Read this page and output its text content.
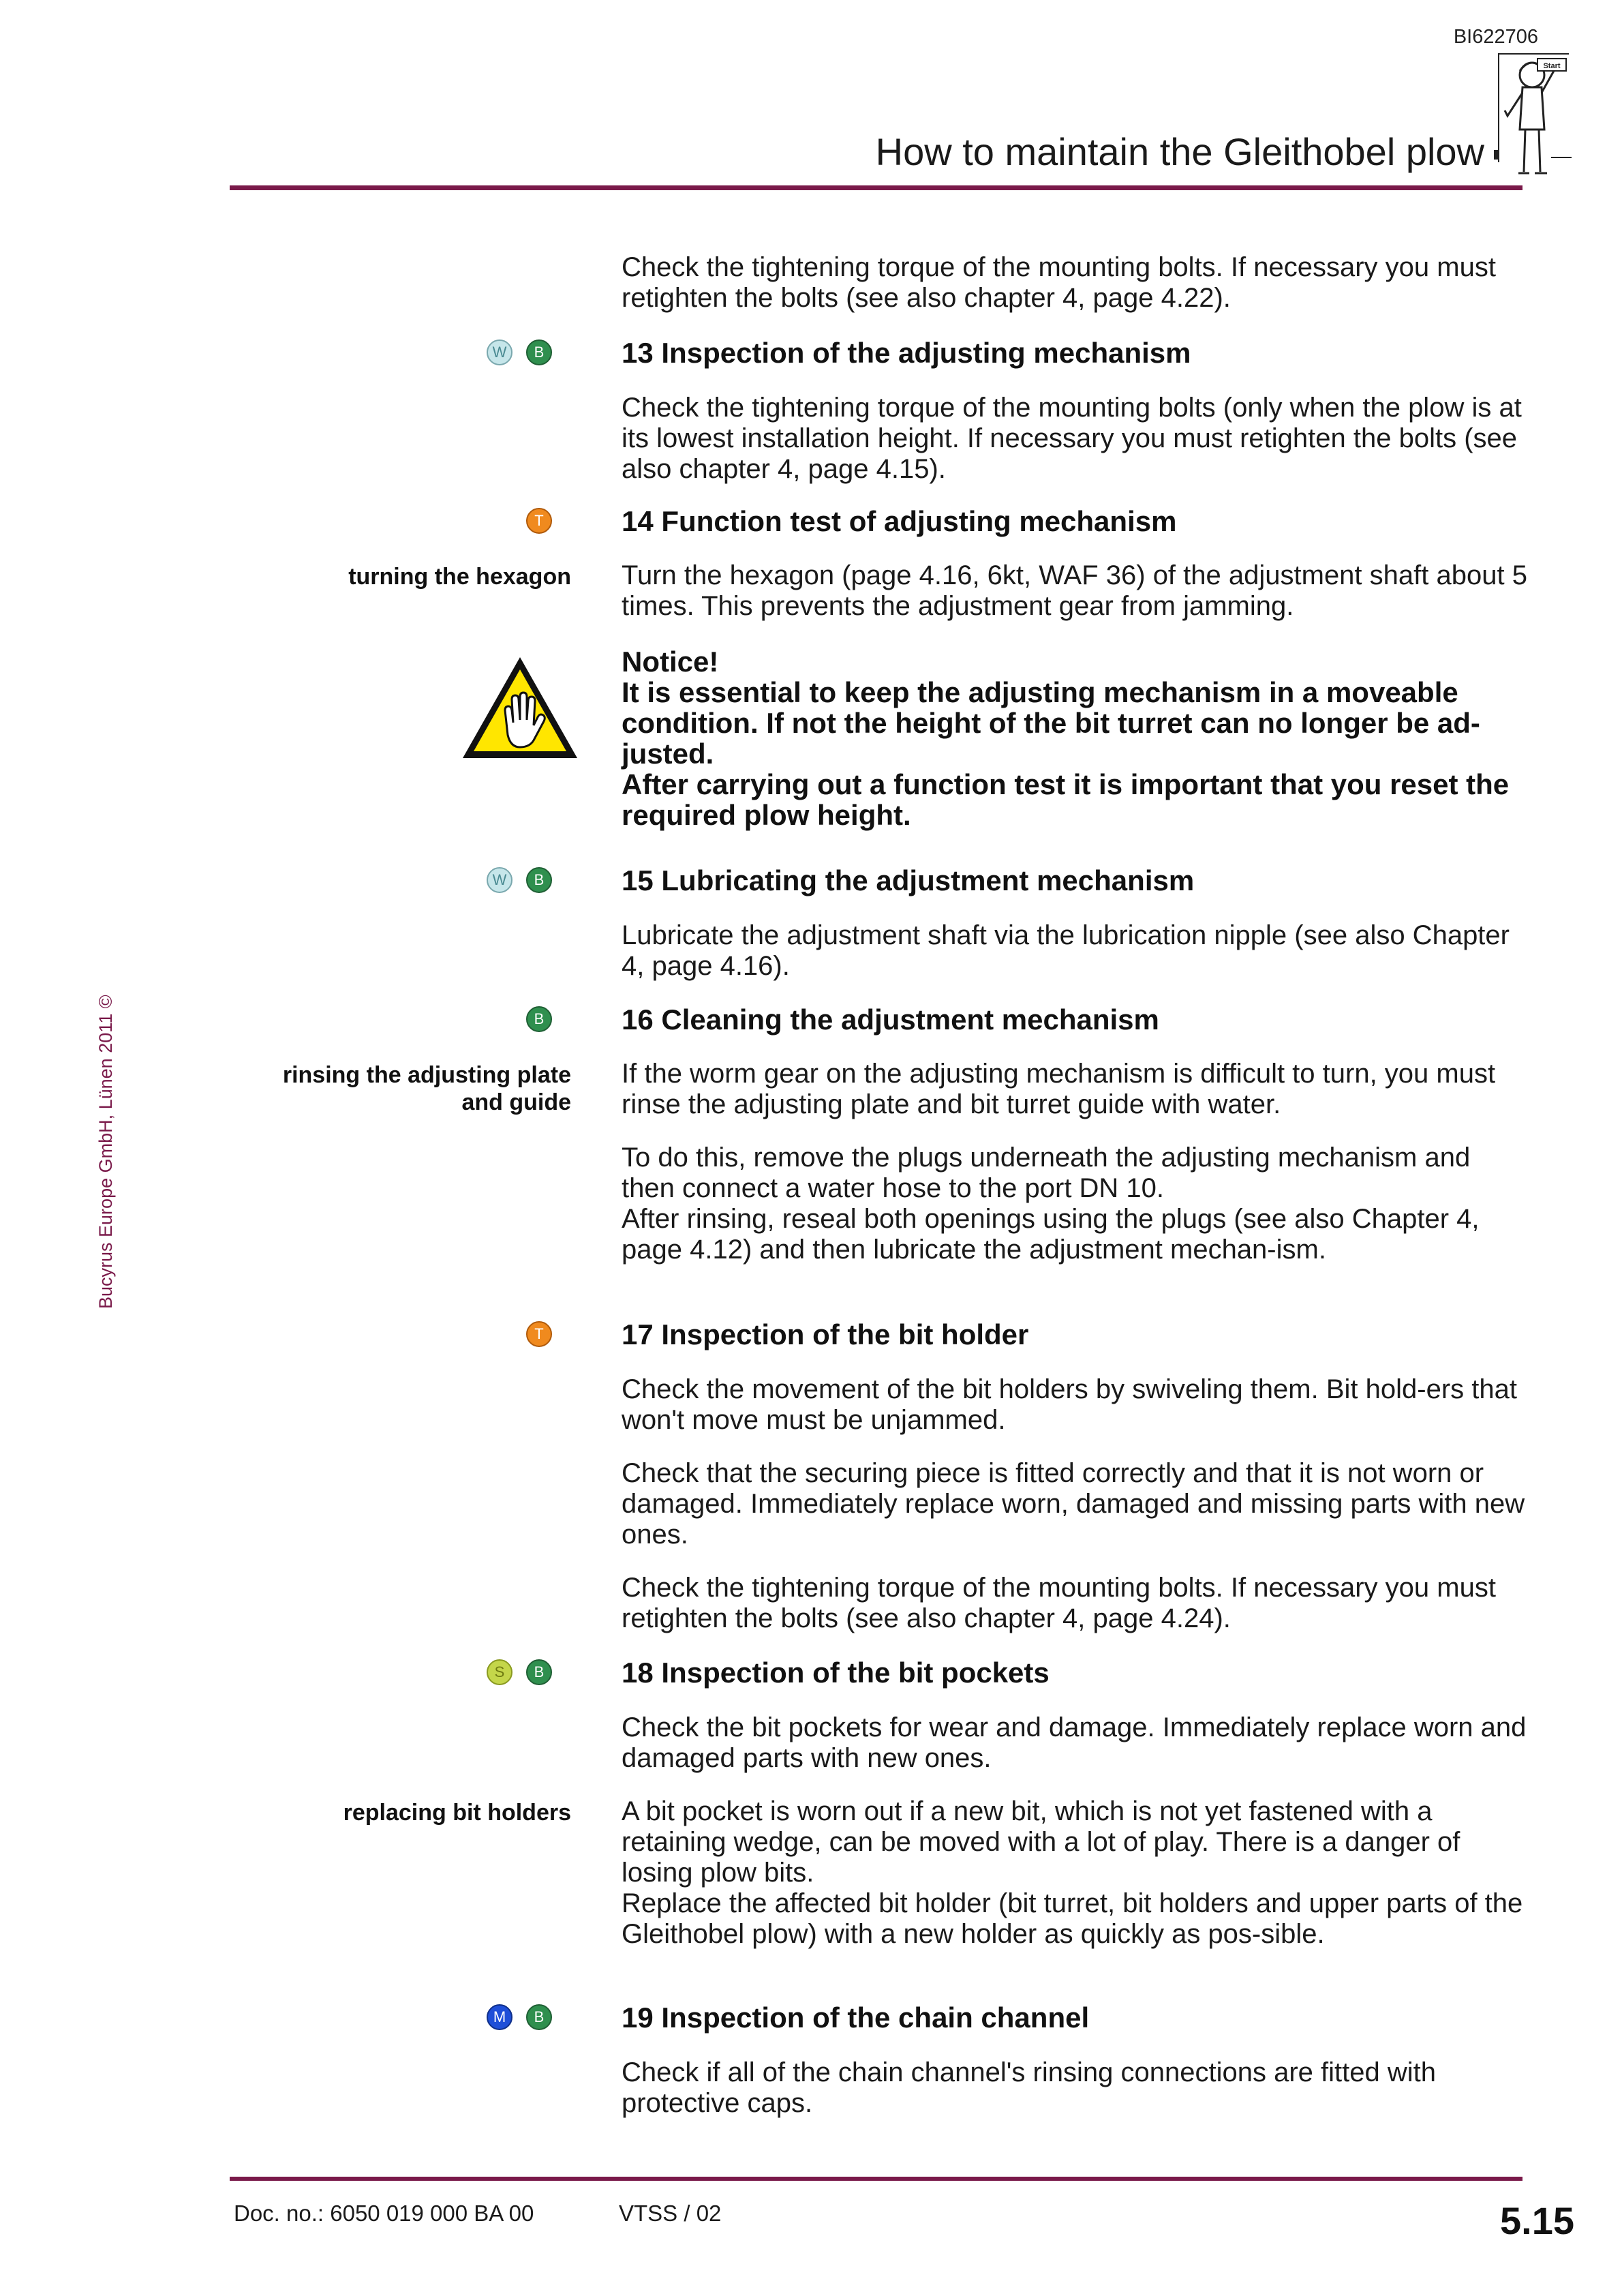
BI622706
Start
How to maintain the Gleithobel plow
Bucyrus Europe GmbH, Lünen 2011 ©
Check the tightening torque of the mounting bolts. If necessary you must retighten the bolts (see also chapter 4, page 4.22).
W	B	13 Inspection of the adjusting mechanism
Check the tightening torque of the mounting bolts (only when the plow is at its lowest installation height. If necessary you must retighten the bolts (see also chapter 4, page 4.15).
T	14 Function test of adjusting mechanism
turning the hexagon Turn the hexagon (page 4.16, 6kt, WAF 36) of the adjustment shaft about 5 times. This prevents the adjustment gear from jamming.
Notice!
It is essential to keep the adjusting mechanism in a moveable condition. If not the height of the bit turret can no longer be ad-justed.
After carrying out a function test it is important that you reset the required plow height.
W	B	15 Lubricating the adjustment mechanism
Lubricate the adjustment shaft via the lubrication nipple (see also Chapter 4, page 4.16).
B	16 Cleaning the adjustment mechanism
rinsing the adjusting plate
and guide
If the worm gear on the adjusting mechanism is difficult to turn, you must rinse the adjusting plate and bit turret guide with water.
To do this, remove the plugs underneath the adjusting mechanism and then connect a water hose to the port DN 10.
After rinsing, reseal both openings using the plugs (see also Chapter 4, page 4.12) and then lubricate the adjustment mechan-ism.
T	17 Inspection of the bit holder
Check the movement of the bit holders by swiveling them. Bit hold-ers that won't move must be unjammed.
Check that the securing piece is fitted correctly and that it is not worn or damaged. Immediately replace worn, damaged and missing parts with new ones.
Check the tightening torque of the mounting bolts. If necessary you must retighten the bolts (see also chapter 4, page 4.24).
S	B	18 Inspection of the bit pockets
Check the bit pockets for wear and damage. Immediately replace worn and damaged parts with new ones.
replacing bit holders A bit pocket is worn out if a new bit, which is not yet fastened with a retaining wedge, can be moved with a lot of play. There is a danger of losing plow bits.
Replace the affected bit holder (bit turret, bit holders and upper parts of the Gleithobel plow) with a new holder as quickly as pos-sible.
M	B	19 Inspection of the chain channel
Check if all of the chain channel's rinsing connections are fitted with protective caps.
Doc. no.: 6050 019 000 BA 00	VTSS / 02	5.15
